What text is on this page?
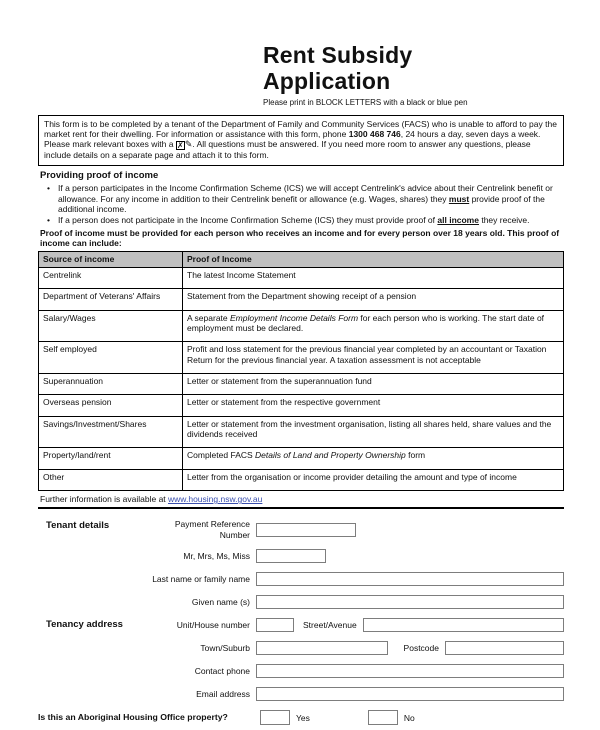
Rent Subsidy
Application
Please print in BLOCK LETTERS with a black or blue pen
This form is to be completed by a tenant of the Department of Family and Community Services (FACS) who is unable to afford to pay the market rent for their dwelling. For information or assistance with this form, phone 1300 468 746, 24 hours a day, seven days a week.
Please mark relevant boxes with a ✗✎. All questions must be answered. If you need more room to answer any questions, please include details on a separate page and attach it to this form.
Providing proof of income
• If a person participates in the Income Confirmation Scheme (ICS) we will accept Centrelink's advice about their Centrelink benefit or allowance. For any income in addition to their Centrelink benefit or allowance (e.g. Wages, shares) they must provide proof of the additional income.
• If a person does not participate in the Income Confirmation Scheme (ICS) they must provide proof of all income they receive.
Proof of income must be provided for each person who receives an income and for every person over 18 years old. This proof of income can include:
Source of income	Proof of Income
Centrelink	The latest Income Statement
Department of Veterans' Affairs	Statement from the Department showing receipt of a pension
Salary/Wages	A separate Employment Income Details Form for each person who is working. The start date of employment must be declared.
Self employed	Profit and loss statement for the previous financial year completed by an accountant or Taxation Return for the previous financial year. A taxation assessment is not acceptable
Superannuation	Letter or statement from the superannuation fund
Overseas pension	Letter or statement from the respective government
Savings/Investment/Shares	Letter or statement from the investment organisation, listing all shares held, share values and the dividends received
Property/land/rent	Completed FACS Details of Land and Property Ownership form
Other	Letter from the organisation or income provider detailing the amount and type of income
Further information is available at www.housing.nsw.gov.au
Tenant details	Payment Reference Number
Mr, Mrs, Ms, Miss
Last name or family name
Given name (s)
Tenancy address	Unit/House number	Street/Avenue
Town/Suburb	Postcode
Contact phone
Email address
Is this an Aboriginal Housing Office property?	Yes	No
